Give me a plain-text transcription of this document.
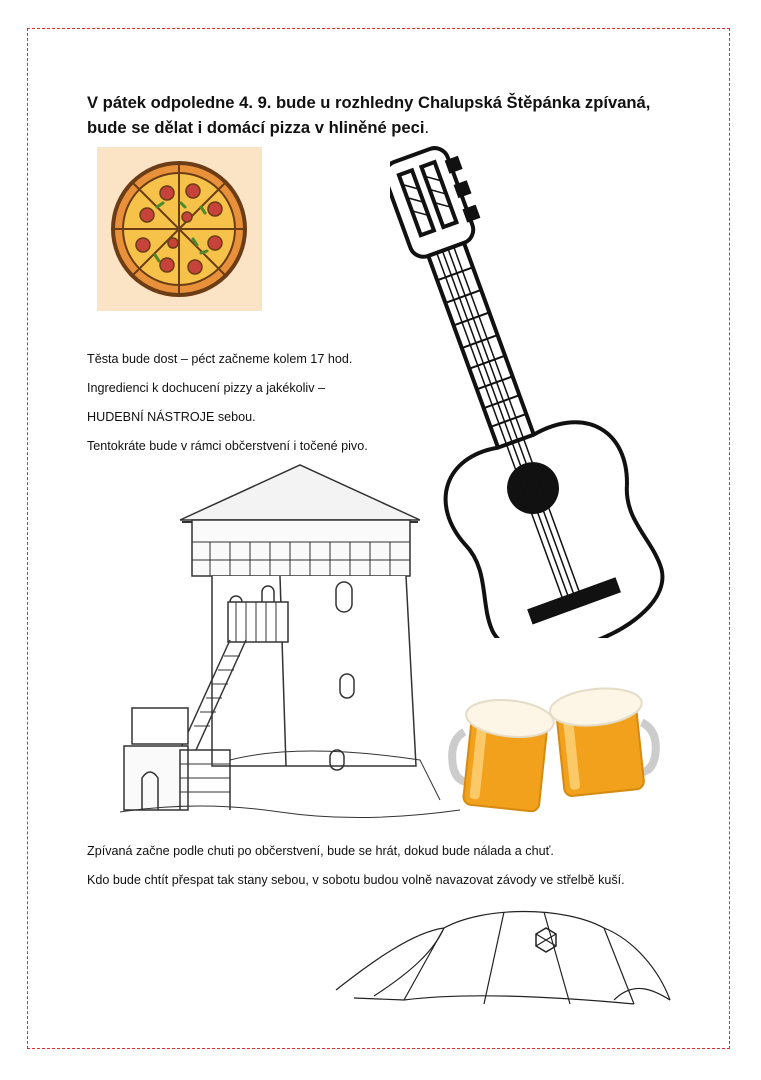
V pátek odpoledne 4. 9. bude u rozhledny Chalupská Štěpánka zpívaná, bude se dělat i domácí pizza v hliněné peci.

Těsta bude dost – péct začneme kolem 17 hod.

Ingredienci k dochucení pizzy a jakékoliv –

HUDEBNÍ NÁSTROJE sebou.

Tentokráte bude v rámci občerstvení i točené pivo.

Zpívaná začne podle chuti po občerstvení, bude se hrát, dokud bude nálada a chuť.

Kdo bude chtít přespat tak stany sebou, v sobotu budou volně navazovat závody ve střelbě kuší.
